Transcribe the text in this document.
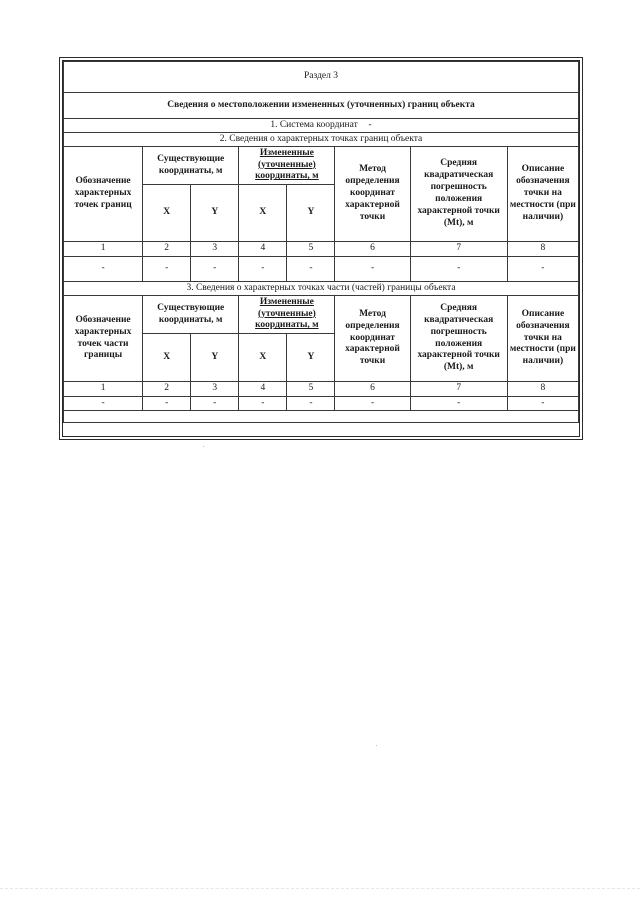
Раздел 3							
Сведения о местоположении измененных (уточненных) границ объекта							
1. Система координат -							
2. Сведения о характерных точках границ объекта							
Обозначение характерных точек границ	Существующие координаты, м		Измененные (уточненные) координаты, м		Метод определения координат характерной точки	Средняя квадратическая погрешность положения характерной точки (Mt), м	Описание обозначения точки на местности (при наличии)
	X	Y	X	Y			
1	2	3	4	5	6	7	8
-	-	-	-	-	-	-	-
3. Сведения о характерных точках части (частей) границы объекта							
Обозначение характерных точек части границы	Существующие координаты, м		Измененные (уточненные) координаты, м		Метод определения координат характерной точки	Средняя квадратическая погрешность положения характерной точки (Mt), м	Описание обозначения точки на местности (при наличии)
	X	Y	X	Y			
1	2	3	4	5	6	7	8
-	-	-	-	-	-	-	-
